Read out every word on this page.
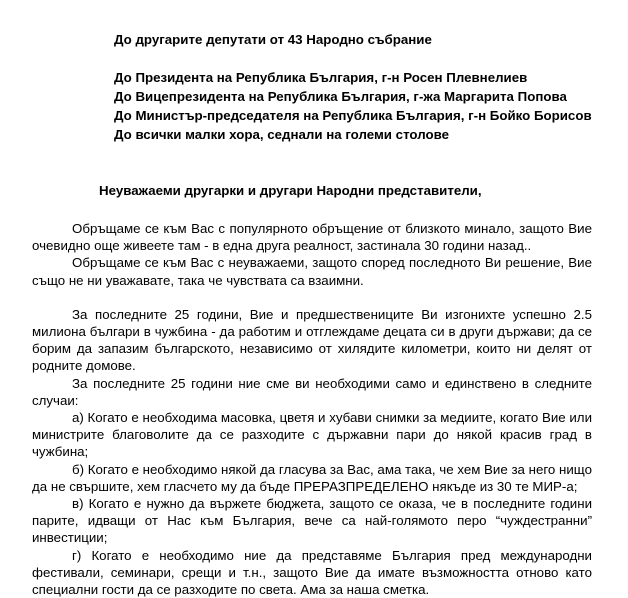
До другарите депутати от 43 Народно събрание
До Президента на Република България, г-н Росен Плевнелиев
До Вицепрезидента на Република България, г-жа Маргарита Попова
До Министър-председателя на Република България, г-н Бойко Борисов
До всички малки хора, седнали на големи столове
Неуважаеми другарки и другари Народни представители,

Обръщаме се към Вас с популярното обръщение от близкото минало, защото Вие очевидно още живеете там - в една друга реалност, застинала 30 години назад..

Обръщаме се към Вас с неуважаеми, защото според последното Ви решение, Вие също не ни уважавате, така че чувствата са взаимни.

За последните 25 години, Вие и предшествениците Ви изгонихте успешно 2.5 милиона българи в чужбина - да работим и отглеждаме децата си в други държави; да се борим да запазим българското, независимо от хилядите километри, които ни делят от родните домове.

За последните 25 години ние сме ви необходими само и единствено в следните случаи:

а) Когато е необходима масовка, цветя и хубави снимки за медиите, когато Вие или министрите благоволите да се разходите с държавни пари до някой красив град в чужбина;

б) Когато е необходимо някой да гласува за Вас, ама така, че хем Вие за него нищо да не свършите, хем гласчето му да бъде ПРЕРАЗПРЕДЕЛЕНО някъде из 30 те МИР-а;

в) Когато е нужно да вържете бюджета, защото се оказа, че в последните години парите, идващи от Нас към България, вече са най-голямото перо “чуждестранни” инвестиции;

г) Когато е необходимо ние да представяме България пред международни фестивали, семинари, срещи и т.н., защото Вие да имате възможността отново като специални гости да се разходите по света. Ама за наша сметка.
